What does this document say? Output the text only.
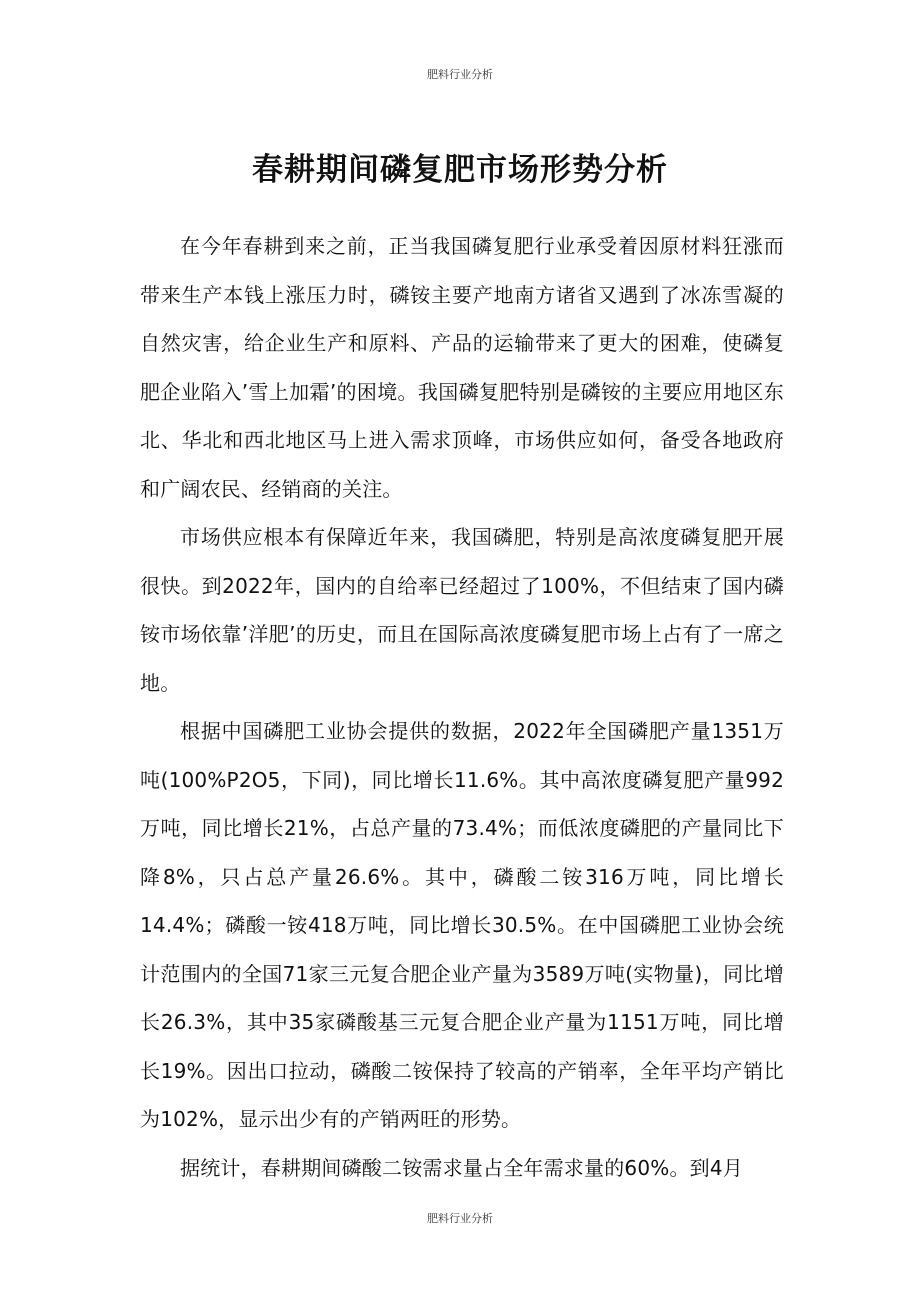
肥料行业分析
春耕期间磷复肥市场形势分析

在今年春耕到来之前，正当我国磷复肥行业承受着因原材料狂涨而带来生产本钱上涨压力时，磷铵主要产地南方诸省又遇到了冰冻雪凝的自然灾害，给企业生产和原料、产品的运输带来了更大的困难，使磷复肥企业陷入’雪上加霜’的困境。我国磷复肥特别是磷铵的主要应用地区东北、华北和西北地区马上进入需求顶峰，市场供应如何，备受各地政府和广阔农民、经销商的关注。

市场供应根本有保障近年来，我国磷肥，特别是高浓度磷复肥开展很快。到2022年，国内的自给率已经超过了100%，不但结束了国内磷铵市场依靠’洋肥’的历史，而且在国际高浓度磷复肥市场上占有了一席之地。

根据中国磷肥工业协会提供的数据，2022年全国磷肥产量1351万吨(100%P2O5，下同)，同比增长11.6%。其中高浓度磷复肥产量992万吨，同比增长21%，占总产量的73.4%；而低浓度磷肥的产量同比下降8%，只占总产量26.6%。其中，磷酸二铵316万吨，同比增长14.4%；磷酸一铵418万吨，同比增长30.5%。在中国磷肥工业协会统计范围内的全国71家三元复合肥企业产量为3589万吨(实物量)，同比增长26.3%，其中35家磷酸基三元复合肥企业产量为1151万吨，同比增长19%。因出口拉动，磷酸二铵保持了较高的产销率，全年平均产销比为102%，显示出少有的产销两旺的形势。

据统计，春耕期间磷酸二铵需求量占全年需求量的60%。到4月

肥料行业分析
